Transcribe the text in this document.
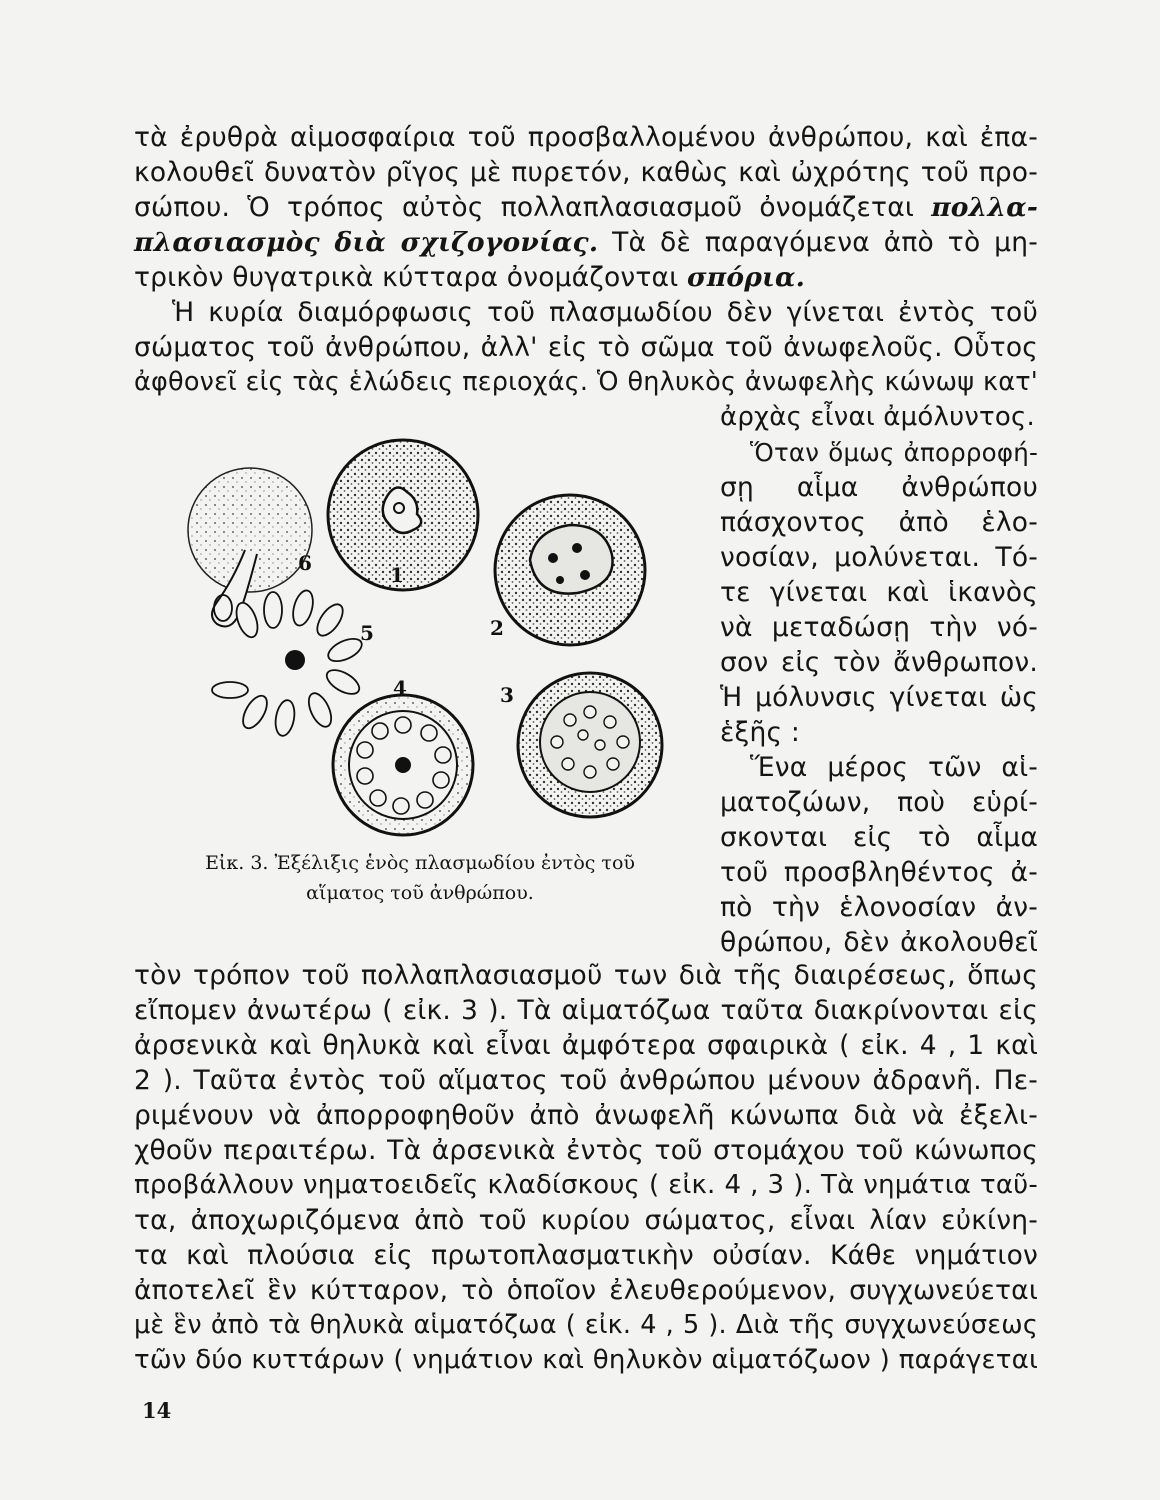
τὰ ἐρυθρὰ αἱμοσφαίρια τοῦ προσβαλλομένου ἀνθρώπου, καὶ ἐπα-
κολουθεῖ δυνατὸν ρῖγος μὲ πυρετόν, καθὼς καὶ ὠχρότης τοῦ προ-
σώπου. Ὁ τρόπος αὐτὸς πολλαπλασιασμοῦ ὀνομάζεται πολλα-
πλασιασμὸς διὰ σχιζογονίας. Τὰ δὲ παραγόμενα ἀπὸ τὸ μη-
τρικὸν θυγατρικὰ κύτταρα ὀνομάζονται σπόρια.
Ἡ κυρία διαμόρφωσις τοῦ πλασμωδίου δὲν γίνεται ἐντὸς τοῦ
σώματος τοῦ ἀνθρώπου, ἀλλ' εἰς τὸ σῶμα τοῦ ἀνωφελοῦς. Οὗτος
ἀφθονεῖ εἰς τὰς ἑλώδεις περιοχάς. Ὁ θηλυκὸς ἀνωφελὴς κώνωψ κατ'
ἀρχὰς εἶναι ἀμόλυντος.
Ὅταν ὅμως ἀπορροφή-
σῃ αἷμα ἀνθρώπου
πάσχοντος ἀπὸ ἑλο-
νοσίαν, μολύνεται. Τό-
τε γίνεται καὶ ἱκανὸς
νὰ μεταδώσῃ τὴν νό-
σον εἰς τὸν ἄνθρωπον.
Ἡ μόλυνσις γίνεται ὡς
ἑξῆς :
Ἕνα μέρος τῶν αἱ-
ματοζώων, ποὺ εὑρί-
σκονται εἰς τὸ αἷμα
τοῦ προσβληθέντος ἀ-
πὸ τὴν ἑλονοσίαν ἀν-
θρώπου, δὲν ἀκολουθεῖ
1
2
3
4
5
6
Εἰκ. 3. Ἐξέλιξις ἑνὸς πλασμωδίου ἐντὸς τοῦ
αἵματος τοῦ ἀνθρώπου.
τὸν τρόπον τοῦ πολλαπλασιασμοῦ των διὰ τῆς διαιρέσεως, ὅπως
εἴπομεν ἀνωτέρω ( εἰκ. 3 ). Τὰ αἱματόζωα ταῦτα διακρίνονται εἰς
ἀρσενικὰ καὶ θηλυκὰ καὶ εἶναι ἀμφότερα σφαιρικὰ ( εἰκ. 4 , 1 καὶ
2 ). Ταῦτα ἐντὸς τοῦ αἵματος τοῦ ἀνθρώπου μένουν ἀδρανῆ. Πε-
ριμένουν νὰ ἀπορροφηθοῦν ἀπὸ ἀνωφελῆ κώνωπα διὰ νὰ ἐξελι-
χθοῦν περαιτέρω. Τὰ ἀρσενικὰ ἐντὸς τοῦ στομάχου τοῦ κώνωπος
προβάλλουν νηματοειδεῖς κλαδίσκους ( εἰκ. 4 , 3 ). Τὰ νημάτια ταῦ-
τα, ἀποχωριζόμενα ἀπὸ τοῦ κυρίου σώματος, εἶναι λίαν εὐκίνη-
τα καὶ πλούσια εἰς πρωτοπλασματικὴν οὐσίαν. Κάθε νημάτιον
ἀποτελεῖ ἓν κύτταρον, τὸ ὁποῖον ἐλευθερούμενον, συγχωνεύεται
μὲ ἓν ἀπὸ τὰ θηλυκὰ αἱματόζωα ( εἰκ. 4 , 5 ). Διὰ τῆς συγχωνεύσεως
τῶν δύο κυττάρων ( νημάτιον καὶ θηλυκὸν αἱματόζωον ) παράγεται
14
